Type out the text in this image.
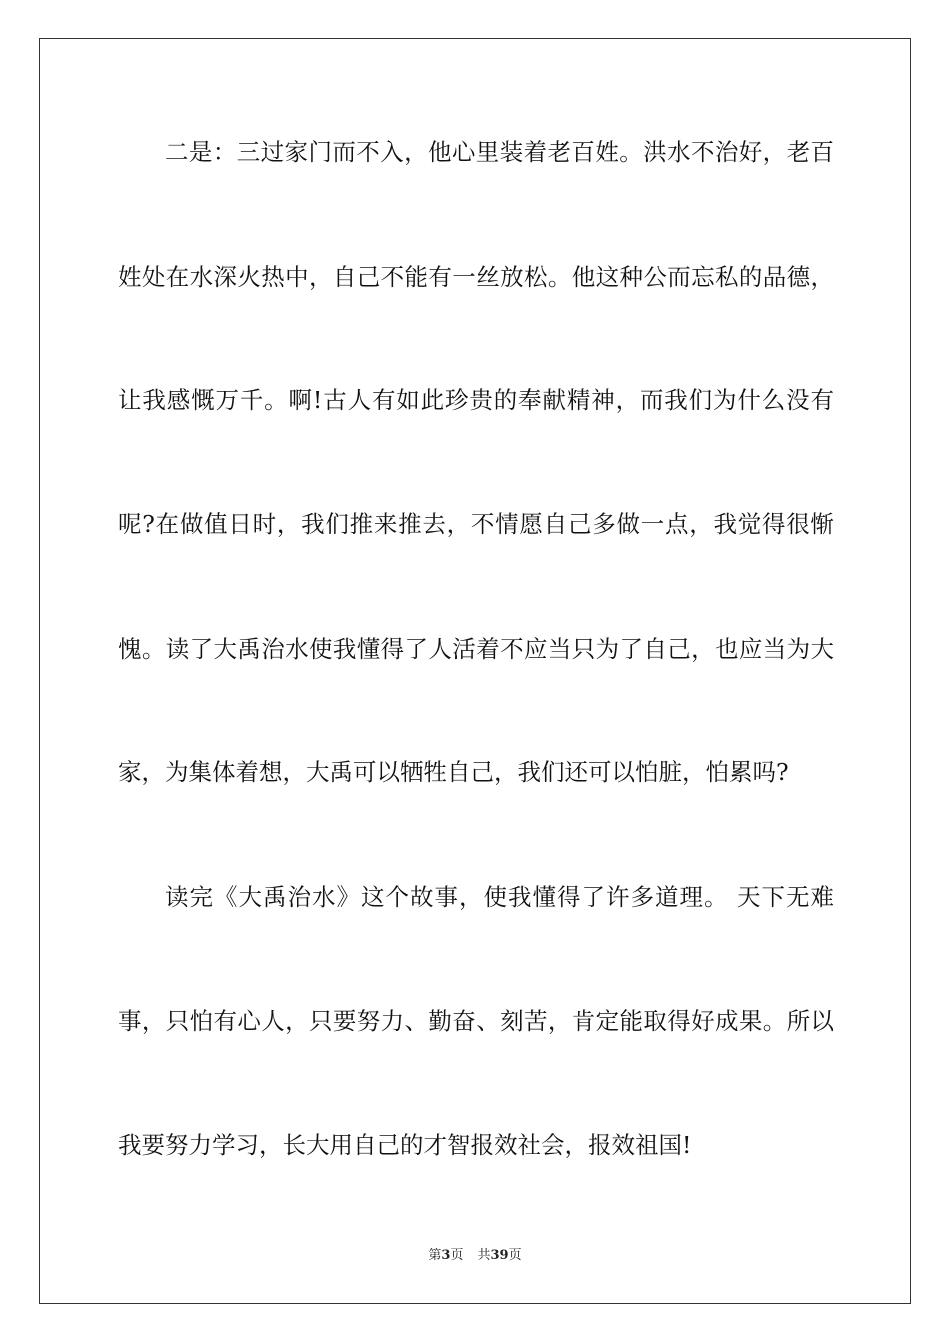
二是：三过家门而不入，他心里装着老百姓。洪水不治好，老百
姓处在水深火热中，自己不能有一丝放松。他这种公而忘私的品德，
让我感慨万千。啊!古人有如此珍贵的奉献精神，而我们为什么没有
呢?在做值日时，我们推来推去，不情愿自己多做一点，我觉得很惭
愧。读了大禹治水使我懂得了人活着不应当只为了自己，也应当为大
家，为集体着想，大禹可以牺牲自己，我们还可以怕脏，怕累吗?
读完《大禹治水》这个故事，使我懂得了许多道理。 天下无难
事，只怕有心人，只要努力、勤奋、刻苦，肯定能取得好成果。所以
我要努力学习，长大用自己的才智报效社会，报效祖国!
第3页 共39页
